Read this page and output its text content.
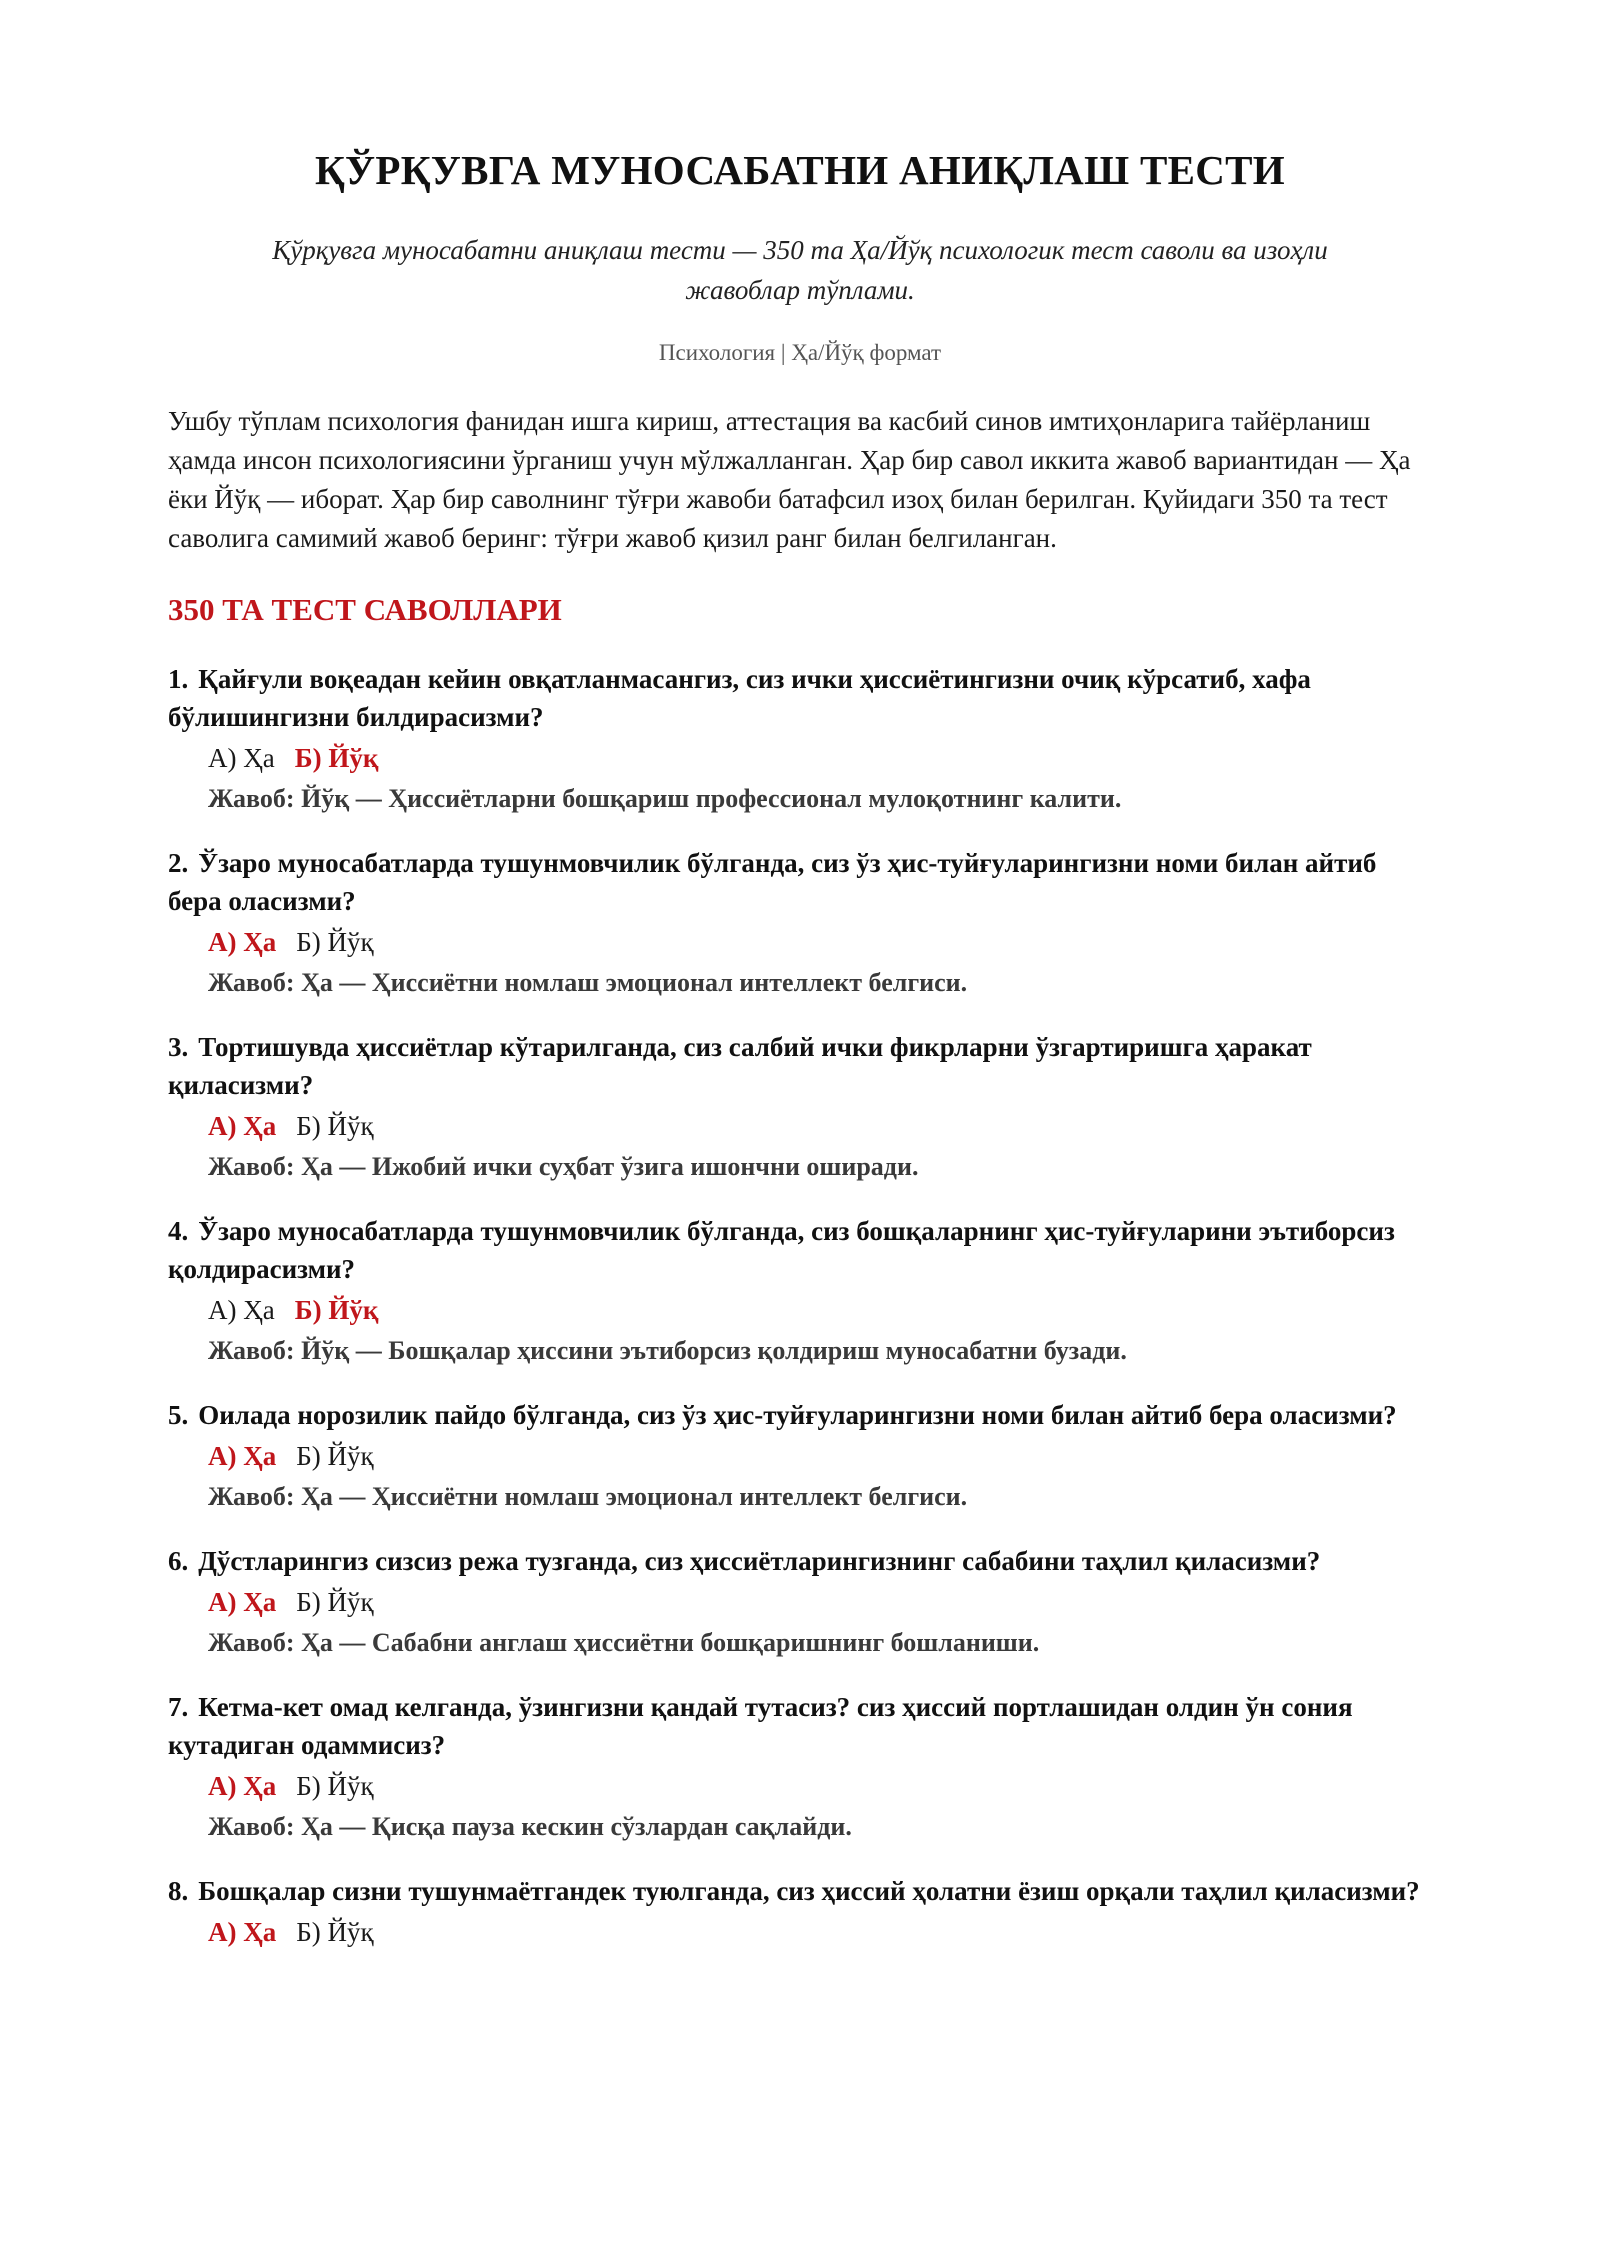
ҚЎРҚУВГА МУНОСАБАТНИ АНИҚЛАШ ТЕСТИ
Қўрқувга муносабатни аниқлаш тести — 350 та Ҳа/Йўқ психологик тест саволи ва изоҳли жавоблар тўплами.
Психология | Ҳа/Йўқ формат
Ушбу тўплам психология фанидан ишга кириш, аттестация ва касбий синов имтиҳонларига тайёрланиш ҳамда инсон психологиясини ўрганиш учун мўлжалланган. Ҳар бир савол иккита жавоб вариантидан — Ҳа ёки Йўқ — иборат. Ҳар бир саволнинг тўғри жавоби батафсил изоҳ билан берилган. Қуйидаги 350 та тест саволига самимий жавоб беринг: тўғри жавоб қизил ранг билан белгиланган.
350 ТА ТЕСТ САВОЛЛАРИ
1. Қайғули воқеадан кейин овқатланмасангиз, сиз ички ҳиссиётингизни очиқ кўрсатиб, хафа бўлишингизни билдирасизми?
А) Ҳа Б) Йўқ
Жавоб: Йўқ — Ҳиссиётларни бошқариш профессионал мулоқотнинг калити.
2. Ўзаро муносабатларда тушунмовчилик бўлганда, сиз ўз ҳис-туйғуларингизни номи билан айтиб бера оласизми?
А) Ҳа Б) Йўқ
Жавоб: Ҳа — Ҳиссиётни номлаш эмоционал интеллект белгиси.
3. Тортишувда ҳиссиётлар кўтарилганда, сиз салбий ички фикрларни ўзгартиришга ҳаракат қиласизми?
А) Ҳа Б) Йўқ
Жавоб: Ҳа — Ижобий ички суҳбат ўзига ишончни оширади.
4. Ўзаро муносабатларда тушунмовчилик бўлганда, сиз бошқаларнинг ҳис-туйғуларини эътиборсиз қолдирасизми?
А) Ҳа Б) Йўқ
Жавоб: Йўқ — Бошқалар ҳиссини эътиборсиз қолдириш муносабатни бузади.
5. Оилада норозилик пайдо бўлганда, сиз ўз ҳис-туйғуларингизни номи билан айтиб бера оласизми?
А) Ҳа Б) Йўқ
Жавоб: Ҳа — Ҳиссиётни номлаш эмоционал интеллект белгиси.
6. Дўстларингиз сизсиз режа тузганда, сиз ҳиссиётларингизнинг сабабини таҳлил қиласизми?
А) Ҳа Б) Йўқ
Жавоб: Ҳа — Сабабни англаш ҳиссиётни бошқаришнинг бошланиши.
7. Кетма-кет омад келганда, ўзингизни қандай тутасиз? сиз ҳиссий портлашидан олдин ўн сония кутадиган одаммисиз?
А) Ҳа Б) Йўқ
Жавоб: Ҳа — Қисқа пауза кескин сўзлардан сақлайди.
8. Бошқалар сизни тушунмаётгандек туюлганда, сиз ҳиссий ҳолатни ёзиш орқали таҳлил қиласизми?
А) Ҳа Б) Йўқ
